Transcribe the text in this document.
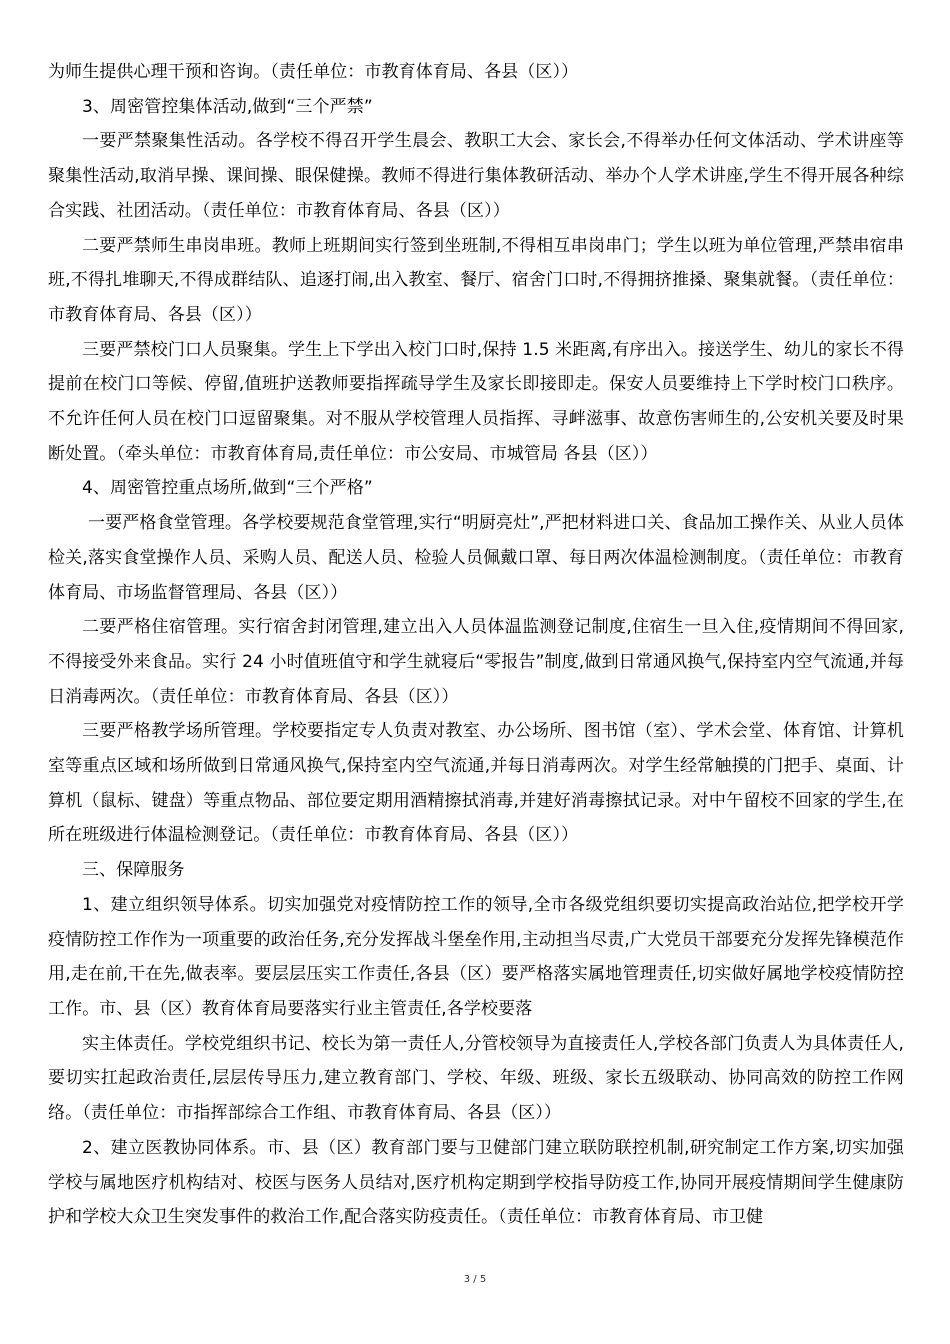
为师生提供心理干预和咨询。（责任单位：市教育体育局、各县（区））

3、周密管控集体活动,做到“三个严禁”

一要严禁聚集性活动。各学校不得召开学生晨会、教职工大会、家长会,不得举办任何文体活动、学术讲座等聚集性活动,取消早操、课间操、眼保健操。教师不得进行集体教研活动、举办个人学术讲座,学生不得开展各种综合实践、社团活动。（责任单位：市教育体育局、各县（区））

二要严禁师生串岗串班。教师上班期间实行签到坐班制,不得相互串岗串门；学生以班为单位管理,严禁串宿串班,不得扎堆聊天,不得成群结队、追逐打闹,出入教室、餐厅、宿舍门口时,不得拥挤推搡、聚集就餐。（责任单位：市教育体育局、各县（区））

三要严禁校门口人员聚集。学生上下学出入校门口时,保持 1.5 米距离,有序出入。接送学生、幼儿的家长不得提前在校门口等候、停留,值班护送教师要指挥疏导学生及家长即接即走。保安人员要维持上下学时校门口秩序。不允许任何人员在校门口逗留聚集。对不服从学校管理人员指挥、寻衅滋事、故意伤害师生的,公安机关要及时果断处置。（牵头单位：市教育体育局,责任单位：市公安局、市城管局 各县（区））

4、周密管控重点场所,做到“三个严格”

一要严格食堂管理。各学校要规范食堂管理,实行“明厨亮灶”,严把材料进口关、食品加工操作关、从业人员体检关,落实食堂操作人员、采购人员、配送人员、检验人员佩戴口罩、每日两次体温检测制度。（责任单位：市教育体育局、市场监督管理局、各县（区））

二要严格住宿管理。实行宿舍封闭管理,建立出入人员体温监测登记制度,住宿生一旦入住,疫情期间不得回家,不得接受外来食品。实行 24 小时值班值守和学生就寝后“零报告”制度,做到日常通风换气,保持室内空气流通,并每日消毒两次。（责任单位：市教育体育局、各县（区））

三要严格教学场所管理。学校要指定专人负责对教室、办公场所、图书馆（室）、学术会堂、体育馆、计算机室等重点区域和场所做到日常通风换气,保持室内空气流通,并每日消毒两次。对学生经常触摸的门把手、桌面、计算机（鼠标、键盘）等重点物品、部位要定期用酒精擦拭消毒,并建好消毒擦拭记录。对中午留校不回家的学生,在所在班级进行体温检测登记。（责任单位：市教育体育局、各县（区））

三、保障服务

1、建立组织领导体系。切实加强党对疫情防控工作的领导,全市各级党组织要切实提高政治站位,把学校开学疫情防控工作作为一项重要的政治任务,充分发挥战斗堡垒作用,主动担当尽责,广大党员干部要充分发挥先锋模范作用,走在前,干在先,做表率。要层层压实工作责任,各县（区）要严格落实属地管理责任,切实做好属地学校疫情防控工作。市、县（区）教育体育局要落实行业主管责任,各学校要落

实主体责任。学校党组织书记、校长为第一责任人,分管校领导为直接责任人,学校各部门负责人为具体责任人,要切实扛起政治责任,层层传导压力,建立教育部门、学校、年级、班级、家长五级联动、协同高效的防控工作网络。（责任单位：市指挥部综合工作组、市教育体育局、各县（区））

2、建立医教协同体系。市、县（区）教育部门要与卫健部门建立联防联控机制,研究制定工作方案,切实加强学校与属地医疗机构结对、校医与医务人员结对,医疗机构定期到学校指导防疫工作,协同开展疫情期间学生健康防护和学校大众卫生突发事件的救治工作,配合落实防疫责任。（责任单位：市教育体育局、市卫健

3 / 5
